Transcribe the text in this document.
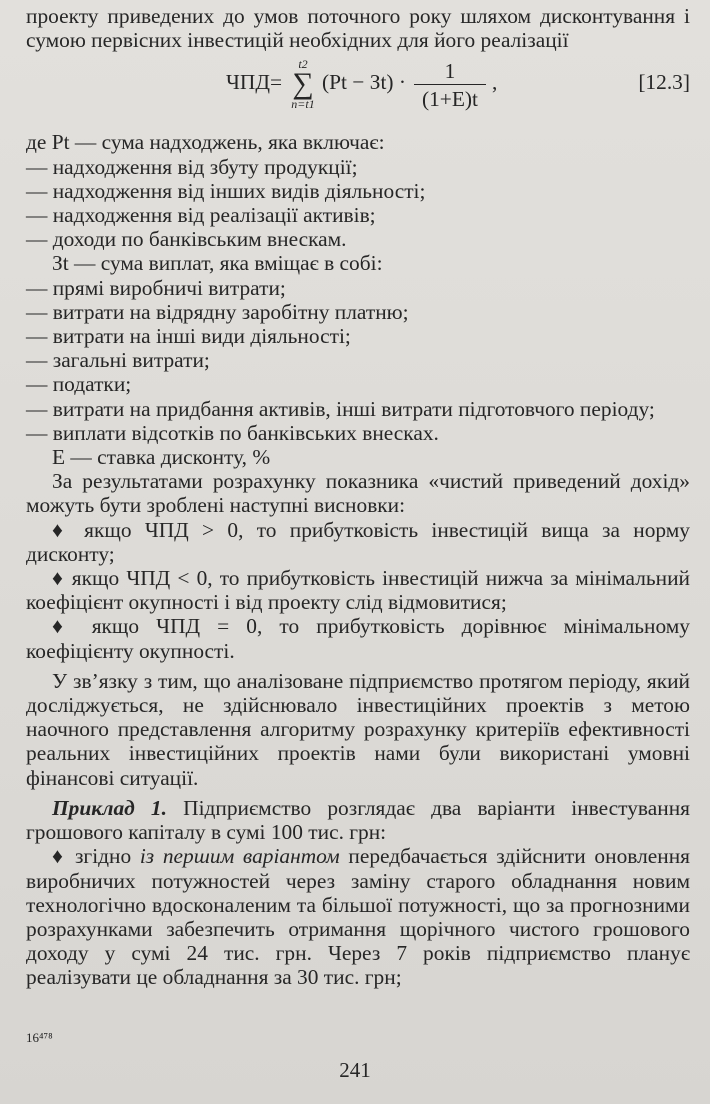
проекту приведених до умов поточного року шляхом дисконтування і сумою первісних інвестицій необхідних для його реалізації

ЧПД=
t2
∑
n=t1
$(Pt - Зt) \cdot \frac{1}{(1+E)t}$ ,	[12.3]

де Pt — сума надходжень, яка включає:

— надходження від збуту продукції;

— надходження від інших видів діяльності;

— надходження від реалізації активів;

— доходи по банківським внескам.

Зt — сума виплат, яка вміщає в собі:

— прямі виробничі витрати;

— витрати на відрядну заробітну платню;

— витрати на інші види діяльності;

— загальні витрати;

— податки;

— витрати на придбання активів, інші витрати підготовчого періоду;

— виплати відсотків по банківських внесках.

E — ставка дисконту, %

За результатами розрахунку показника «чистий приведений дохід» можуть бути зроблені наступні висновки:

♦ якщо ЧПД > 0, то прибутковість інвестицій вища за норму дисконту;

♦ якщо ЧПД < 0, то прибутковість інвестицій нижча за мінімальний коефіцієнт окупності і від проекту слід відмовитися;

♦ якщо ЧПД = 0, то прибутковість дорівнює мінімальному коефіцієнту окупності.

У зв’язку з тим, що аналізоване підприємство протягом періоду, який досліджується, не здійснювало інвестиційних проектів з метою наочного представлення алгоритму розрахунку критеріїв ефективності реальних інвестиційних проектів нами були використані умовні фінансові ситуації.

Приклад 1. Підприємство розглядає два варіанти інвестування грошового капіталу в сумі 100 тис. грн:

♦ згідно із першим варіантом передбачається здійснити оновлення виробничих потужностей через заміну старого обладнання новим технологічно вдосконаленим та більшої потужності, що за прогнозними розрахунками забезпечить отримання щорічного чистого грошового доходу у сумі 24 тис. грн. Через 7 років підприємство планує реалізувати це обладнання за 30 тис. грн;

16⁴⁷⁸
241
